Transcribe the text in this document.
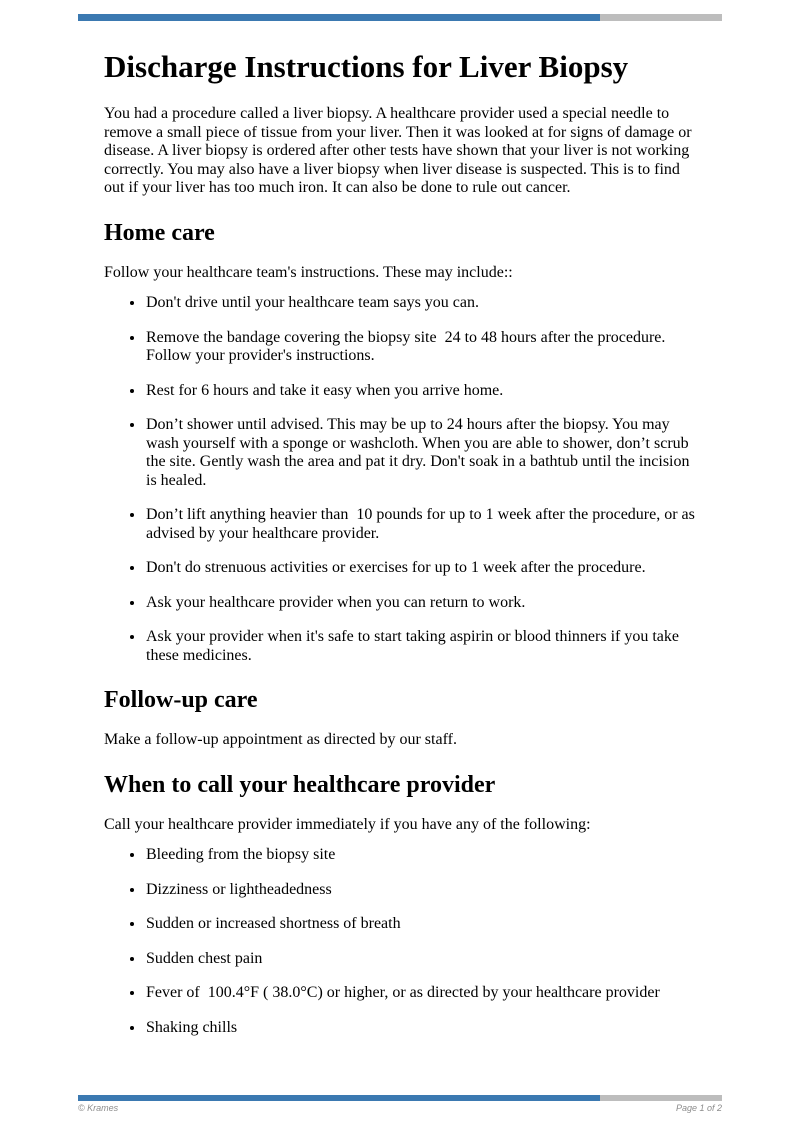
Discharge Instructions for Liver Biopsy

You had a procedure called a liver biopsy. A healthcare provider used a special needle to remove a small piece of tissue from your liver. Then it was looked at for signs of damage or disease. A liver biopsy is ordered after other tests have shown that your liver is not working correctly. You may also have a liver biopsy when liver disease is suspected. This is to find out if your liver has too much iron. It can also be done to rule out cancer.

Home care

Follow your healthcare team's instructions. These may include::

• Don't drive until your healthcare team says you can.
• Remove the bandage covering the biopsy site  24 to 48 hours after the procedure. Follow your provider's instructions.
• Rest for 6 hours and take it easy when you arrive home.
• Don’t shower until advised. This may be up to 24 hours after the biopsy. You may wash yourself with a sponge or washcloth. When you are able to shower, don’t scrub the site. Gently wash the area and pat it dry. Don't soak in a bathtub until the incision is healed.
• Don’t lift anything heavier than  10 pounds for up to 1 week after the procedure, or as advised by your healthcare provider.
• Don't do strenuous activities or exercises for up to 1 week after the procedure.
• Ask your healthcare provider when you can return to work.
• Ask your provider when it's safe to start taking aspirin or blood thinners if you take these medicines.
Follow-up care

Make a follow-up appointment as directed by our staff.

When to call your healthcare provider

Call your healthcare provider immediately if you have any of the following:

• Bleeding from the biopsy site
• Dizziness or lightheadedness
• Sudden or increased shortness of breath
• Sudden chest pain
• Fever of  100.4°F ( 38.0°C) or higher, or as directed by your healthcare provider
• Shaking chills
© Krames	Page 1 of 2
